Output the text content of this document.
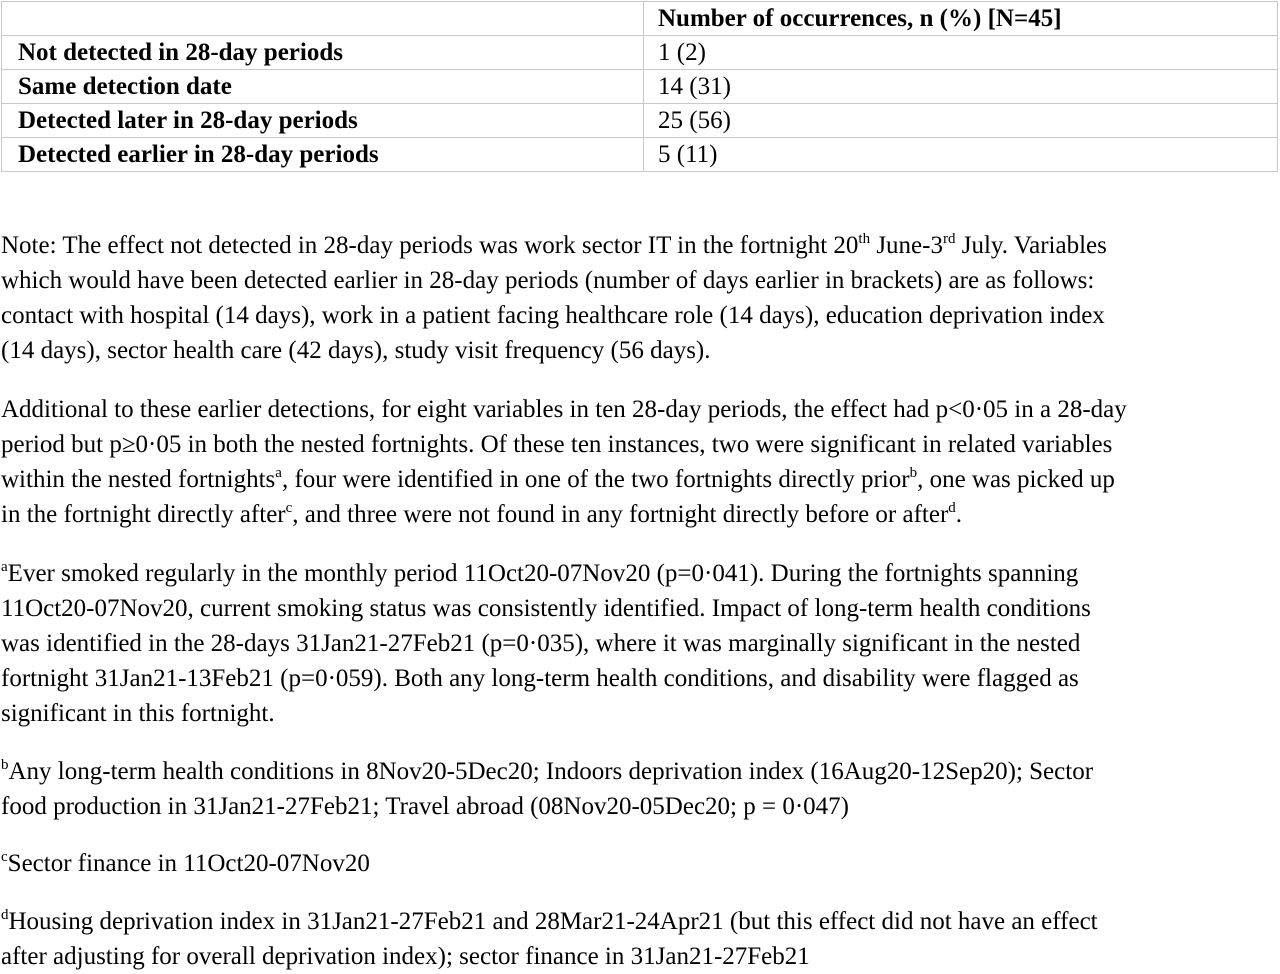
	Number of occurrences, n (%) [N=45]
Not detected in 28-day periods	1 (2)
Same detection date	14 (31)
Detected later in 28-day periods	25 (56)
Detected earlier in 28-day periods	5 (11)
Note: The effect not detected in 28-day periods was work sector IT in the fortnight 20th June-3rd July. Variables
which would have been detected earlier in 28-day periods (number of days earlier in brackets) are as follows:
contact with hospital (14 days), work in a patient facing healthcare role (14 days), education deprivation index
(14 days), sector health care (42 days), study visit frequency (56 days).
Additional to these earlier detections, for eight variables in ten 28-day periods, the effect had p<0·05 in a 28-day
period but p≥0·05 in both the nested fortnights. Of these ten instances, two were significant in related variables
within the nested fortnights$^a$, four were identified in one of the two fortnights directly prior$^b$, one was picked up
in the fortnight directly after$^c$, and three were not found in any fortnight directly before or after$^d$.
$^a$Ever smoked regularly in the monthly period 11Oct20-07Nov20 (p=0·041). During the fortnights spanning
11Oct20-07Nov20, current smoking status was consistently identified. Impact of long-term health conditions
was identified in the 28-days 31Jan21-27Feb21 (p=0·035), where it was marginally significant in the nested
fortnight 31Jan21-13Feb21 (p=0·059). Both any long-term health conditions, and disability were flagged as
significant in this fortnight.
$^b$Any long-term health conditions in 8Nov20-5Dec20; Indoors deprivation index (16Aug20-12Sep20); Sector
food production in 31Jan21-27Feb21; Travel abroad (08Nov20-05Dec20; p = 0·047)
$^c$Sector finance in 11Oct20-07Nov20
$^d$Housing deprivation index in 31Jan21-27Feb21 and 28Mar21-24Apr21 (but this effect did not have an effect
after adjusting for overall deprivation index); sector finance in 31Jan21-27Feb21
